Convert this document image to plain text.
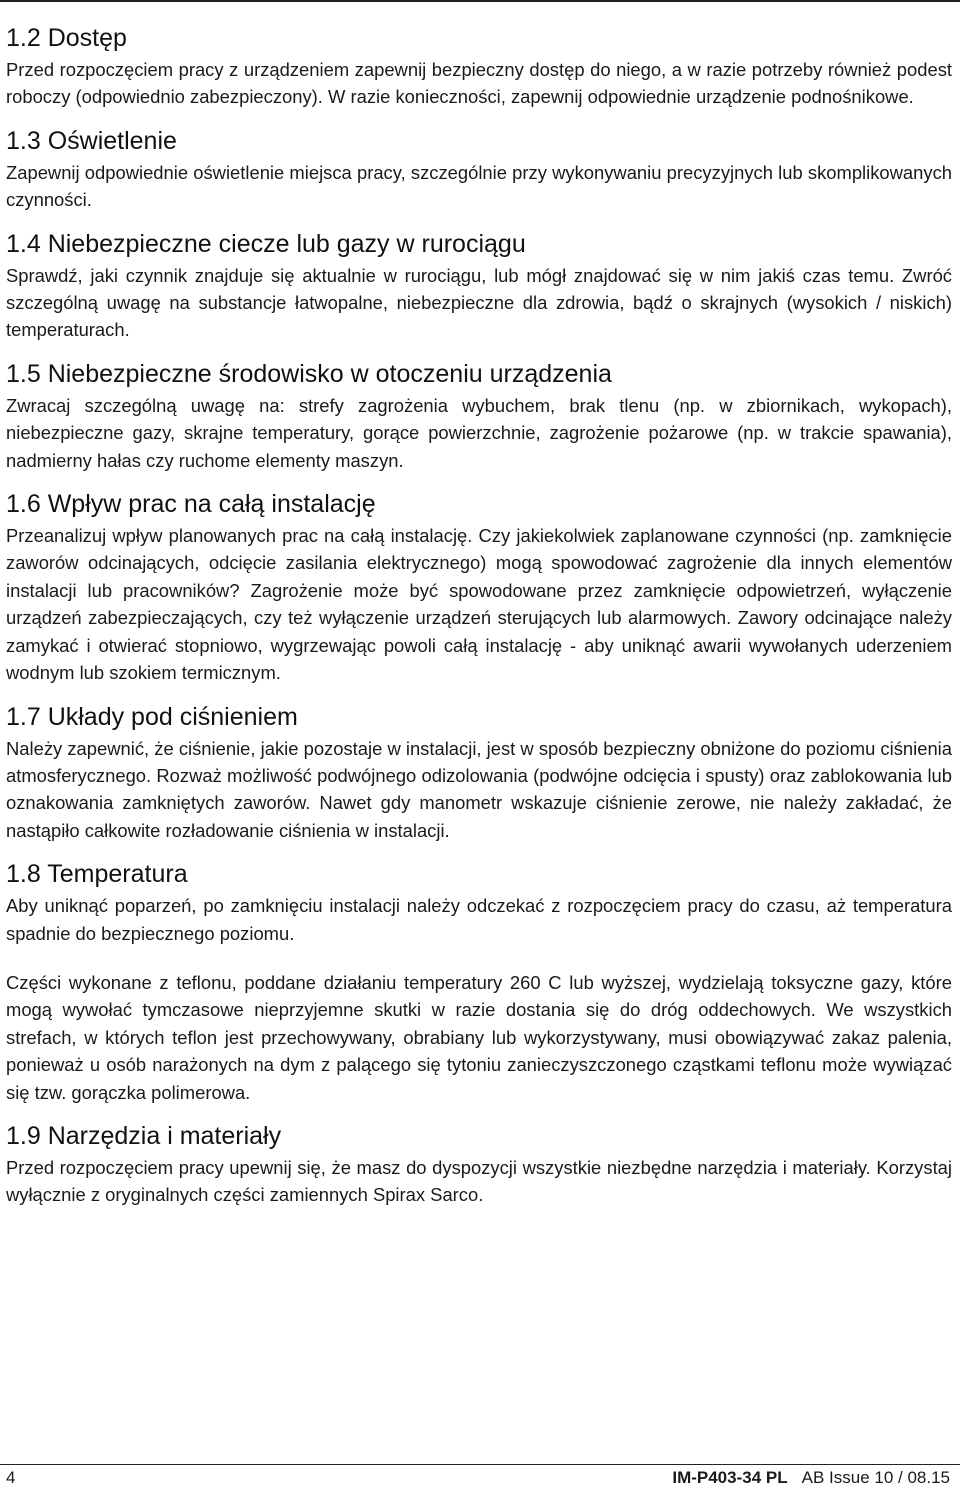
1.2 Dostęp

Przed rozpoczęciem pracy z urządzeniem zapewnij bezpieczny dostęp do niego, a w razie potrzeby również podest roboczy (odpowiednio zabezpieczony). W razie konieczności, zapewnij odpowiednie urządzenie podnośnikowe.

1.3 Oświetlenie

Zapewnij odpowiednie oświetlenie miejsca pracy, szczególnie przy wykonywaniu precyzyjnych lub skomplikowanych czynności.

1.4 Niebezpieczne ciecze lub gazy w rurociągu

Sprawdź, jaki czynnik znajduje się aktualnie w rurociągu, lub mógł znajdować się w nim jakiś czas temu. Zwróć szczególną uwagę na substancje łatwopalne, niebezpieczne dla zdrowia, bądź o skrajnych (wysokich / niskich) temperaturach.

1.5 Niebezpieczne środowisko w otoczeniu urządzenia

Zwracaj szczególną uwagę na: strefy zagrożenia wybuchem, brak tlenu (np. w zbiornikach, wykopach), niebezpieczne gazy, skrajne temperatury, gorące powierzchnie, zagrożenie pożarowe (np. w trakcie spawania), nadmierny hałas czy ruchome elementy maszyn.

1.6 Wpływ prac na całą instalację

Przeanalizuj wpływ planowanych prac na całą instalację. Czy jakiekolwiek zaplanowane czynności (np. zamknięcie zaworów odcinających, odcięcie zasilania elektrycznego) mogą spowodować zagrożenie dla innych elementów instalacji lub pracowników? Zagrożenie może być spowodowane przez zamknięcie odpowietrzeń, wyłączenie urządzeń zabezpieczających, czy też wyłączenie urządzeń sterujących lub alarmowych. Zawory odcinające należy zamykać i otwierać stopniowo, wygrzewając powoli całą instalację - aby uniknąć awarii wywołanych uderzeniem wodnym lub szokiem termicznym.

1.7 Układy pod ciśnieniem

Należy zapewnić, że ciśnienie, jakie pozostaje w instalacji, jest w sposób bezpieczny obniżone do poziomu ciśnienia atmosferycznego. Rozważ możliwość podwójnego odizolowania (podwójne odcięcia i spusty) oraz zablokowania lub oznakowania zamkniętych zaworów. Nawet gdy manometr wskazuje ciśnienie zerowe, nie należy zakładać, że nastąpiło całkowite rozładowanie ciśnienia w instalacji.

1.8 Temperatura

Aby uniknąć poparzeń, po zamknięciu instalacji należy odczekać z rozpoczęciem pracy do czasu, aż temperatura spadnie do bezpiecznego poziomu.

Części wykonane z teflonu, poddane działaniu temperatury 260 C lub wyższej, wydzielają toksyczne gazy, które mogą wywołać tymczasowe nieprzyjemne skutki w razie dostania się do dróg oddechowych. We wszystkich strefach, w których teflon jest przechowywany, obrabiany lub wykorzystywany, musi obowiązywać zakaz palenia, ponieważ u osób narażonych na dym z palącego się tytoniu zanieczyszczonego cząstkami teflonu może wywiązać się tzw. gorączka polimerowa.

1.9 Narzędzia i materiały

Przed rozpoczęciem pracy upewnij się, że masz do dyspozycji wszystkie niezbędne narzędzia i materiały. Korzystaj wyłącznie z oryginalnych części zamiennych Spirax Sarco.

4	IM-P403-34 PL AB Issue 10 / 08.15
